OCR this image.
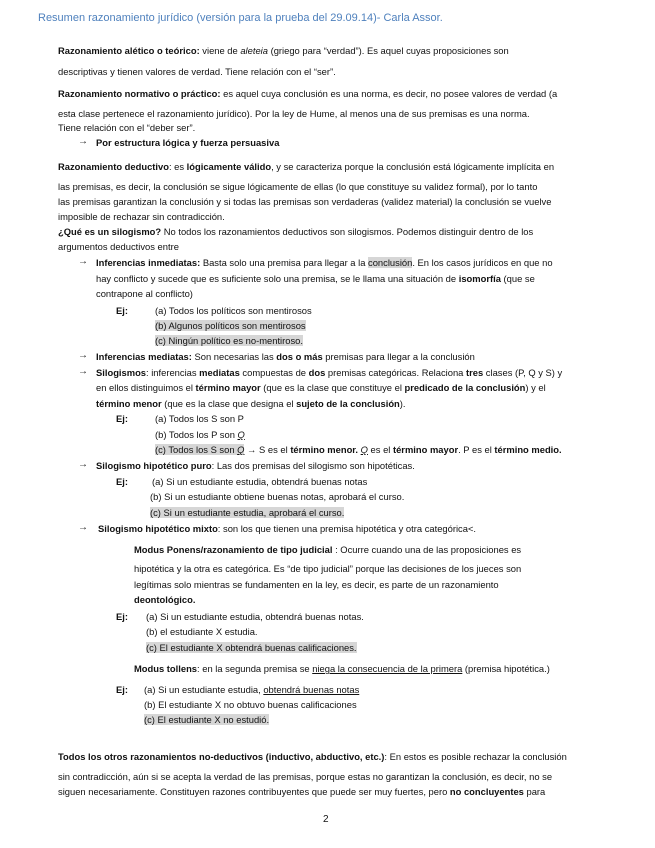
Resumen razonamiento jurídico (versión para la prueba del 29.09.14)- Carla Assor.
Razonamiento alético o teórico: viene de aleteia (griego para “verdad”). Es aquel cuyas proposiciones son
descriptivas y tienen valores de verdad. Tiene relación con el “ser”.
Razonamiento normativo o práctico: es aquel cuya conclusión es una norma, es decir, no posee valores de verdad (a
esta clase pertenece el razonamiento jurídico). Por la ley de Hume, al menos una de sus premisas es una norma.
Tiene relación con el “deber ser”.
→ Por estructura lógica y fuerza persuasiva
Razonamiento deductivo: es lógicamente válido, y se caracteriza porque la conclusión está lógicamente implícita en
las premisas, es decir, la conclusión se sigue lógicamente de ellas (lo que constituye su validez formal), por lo tanto
las premisas garantizan la conclusión y si todas las premisas son verdaderas (validez material) la conclusión se vuelve
imposible de rechazar sin contradicción.
¿Qué es un silogismo? No todos los razonamientos deductivos son silogismos. Podemos distinguir dentro de los
argumentos deductivos entre
→ Inferencias inmediatas: Basta solo una premisa para llegar a la conclusión. En los casos jurídicos en que no
hay conflicto y sucede que es suficiente solo una premisa, se le llama una situación de isomorfía (que se
contrapone al conflicto)
Ej:	(a) Todos los políticos son mentirosos
(b) Algunos políticos son mentirosos
(c) Ningún político es no-mentiroso.
→ Inferencias mediatas: Son necesarias las dos o más premisas para llegar a la conclusión
→ Silogismos: inferencias mediatas compuestas de dos premisas categóricas. Relaciona tres clases (P, Q y S) y
en ellos distinguimos el término mayor (que es la clase que constituye el predicado de la conclusión) y el
término menor (que es la clase que designa el sujeto de la conclusión).
Ej:	(a) Todos los S son P
(b) Todos los P son Q
(c) Todos los S son Q → S es el término menor. Q es el término mayor. P es el término medio.
→ Silogismo hipotético puro: Las dos premisas del silogismo son hipotéticas.
Ej:	(a) Si un estudiante estudia, obtendrá buenas notas
(b) Si un estudiante obtiene buenas notas, aprobará el curso.
(c) Si un estudiante estudia, aprobará el curso.
→ Silogismo hipotético mixto: son los que tienen una premisa hipotética y otra categórica<.
Modus Ponens/razonamiento de tipo judicial : Ocurre cuando una de las proposiciones es
hipotética y la otra es categórica. Es “de tipo judicial” porque las decisiones de los jueces son
legítimas solo mientras se fundamenten en la ley, es decir, es parte de un razonamiento
deontológico.
Ej: (a) Si un estudiante estudia, obtendrá buenas notas.
(b) el estudiante X estudia.
(c) El estudiante X obtendrá buenas calificaciones.
Modus tollens: en la segunda premisa se niega la consecuencia de la primera (premisa hipotética.)
Ej: (a) Si un estudiante estudia, obtendrá buenas notas
(b) El estudiante X no obtuvo buenas calificaciones
(c) El estudiante X no estudió.
Todos los otros razonamientos no-deductivos (inductivo, abductivo, etc.): En estos es posible rechazar la conclusión
sin contradicción, aún si se acepta la verdad de las premisas, porque estas no garantizan la conclusión, es decir, no se
siguen necesariamente. Constituyen razones contribuyentes que puede ser muy fuertes, pero no concluyentes para
2
